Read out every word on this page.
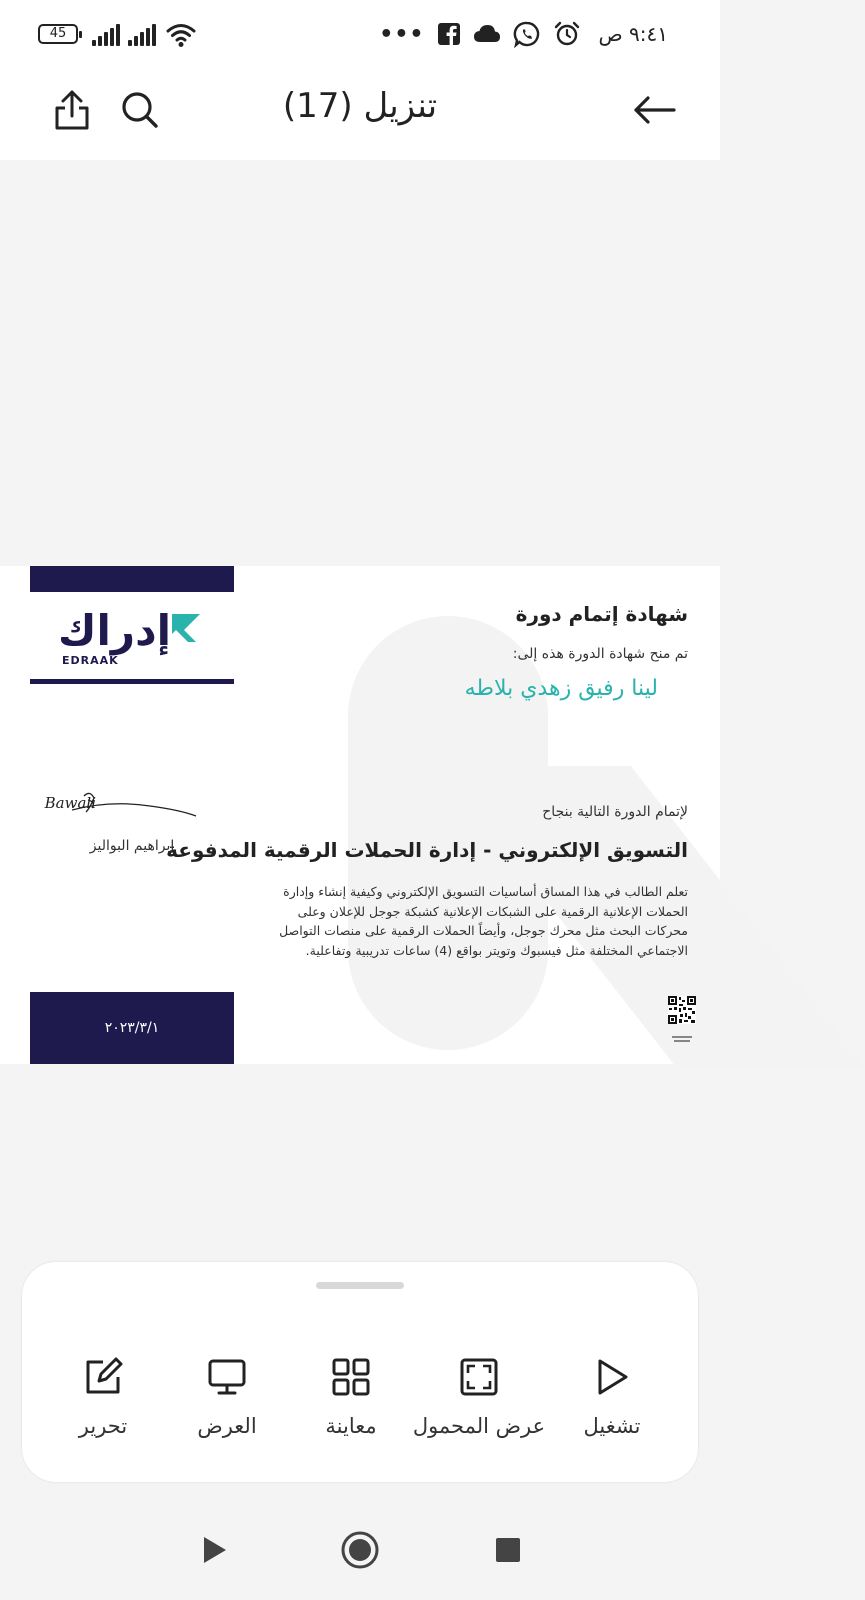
45	•••	٩:٤١ ص
تنزيل (17)
إدراك
EDRAAK
شهادة إتمام دورة
تم منح شهادة الدورة هذه إلى:
لينا رفيق زهدي بلاطه
Bawali
ابراهيم البواليز
لإتمام الدورة التالية بنجاح
التسويق الإلكتروني - إدارة الحملات الرقمية المدفوعة
تعلم الطالب في هذا المساق أساسيات التسويق الإلكتروني وكيفية إنشاء وإدارة الحملات الإعلانية الرقمية على الشبكات الإعلانية كشبكة جوجل للإعلان وعلى محركات البحث مثل محرك جوجل، وأيضاً الحملات الرقمية على منصات التواصل الاجتماعي المختلفة مثل فيسبوك وتويتر بواقع (4) ساعات تدريبية وتفاعلية.
٢٠٢٣/٣/١
تحرير	العرض	معاينة	عرض المحمول	تشغيل
